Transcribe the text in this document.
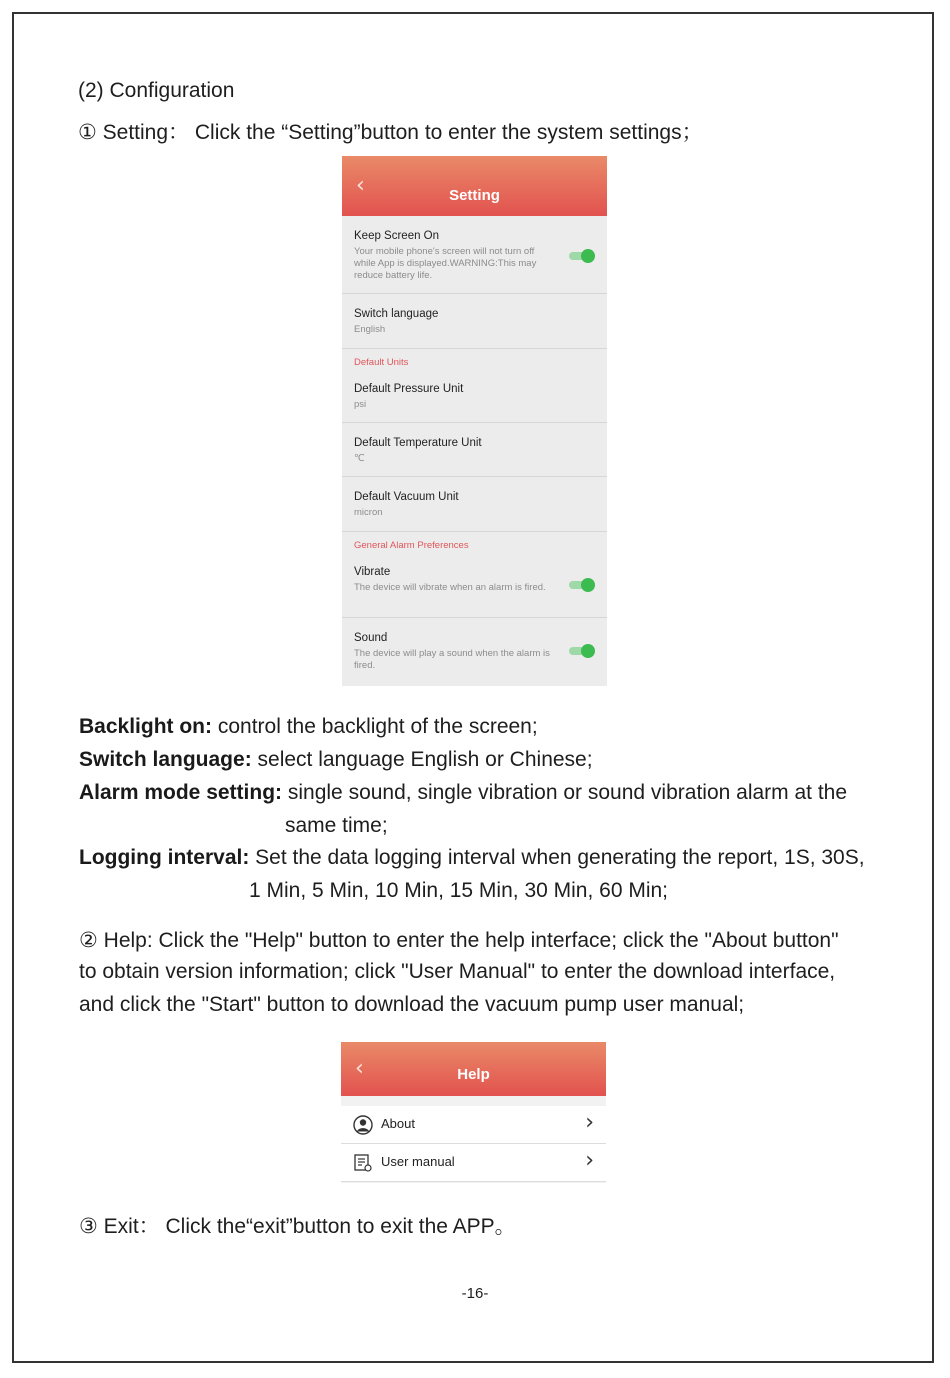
(2) Configuration
① Setting： Click the “Setting”button to enter the system settings；
‹	Setting
Keep Screen On
Your mobile phone's screen will not turn off while App is displayed.WARNING:This may reduce battery life.
Switch language
English
Default Units
Default Pressure Unit
psi
Default Temperature Unit
℃
Default Vacuum Unit
micron
General Alarm Preferences
Vibrate
The device will vibrate when an alarm is fired.
Sound
The device will play a sound when the alarm is fired.
Backlight on: control the backlight of the screen;
Switch language: select language English or Chinese;
Alarm mode setting: single sound, single vibration or sound vibration alarm at the
same time;
Logging interval: Set the data logging interval when generating the report, 1S, 30S,
1 Min, 5 Min, 10 Min, 15 Min, 30 Min, 60 Min;
② Help: Click the "Help" button to enter the help interface; click the "About button"
to obtain version information; click "User Manual" to enter the download interface,
and click the "Start" button to download the vacuum pump user manual;
‹	Help
About	›
User manual	›
③ Exit： Click the“exit”button to exit the APP。
-16-
